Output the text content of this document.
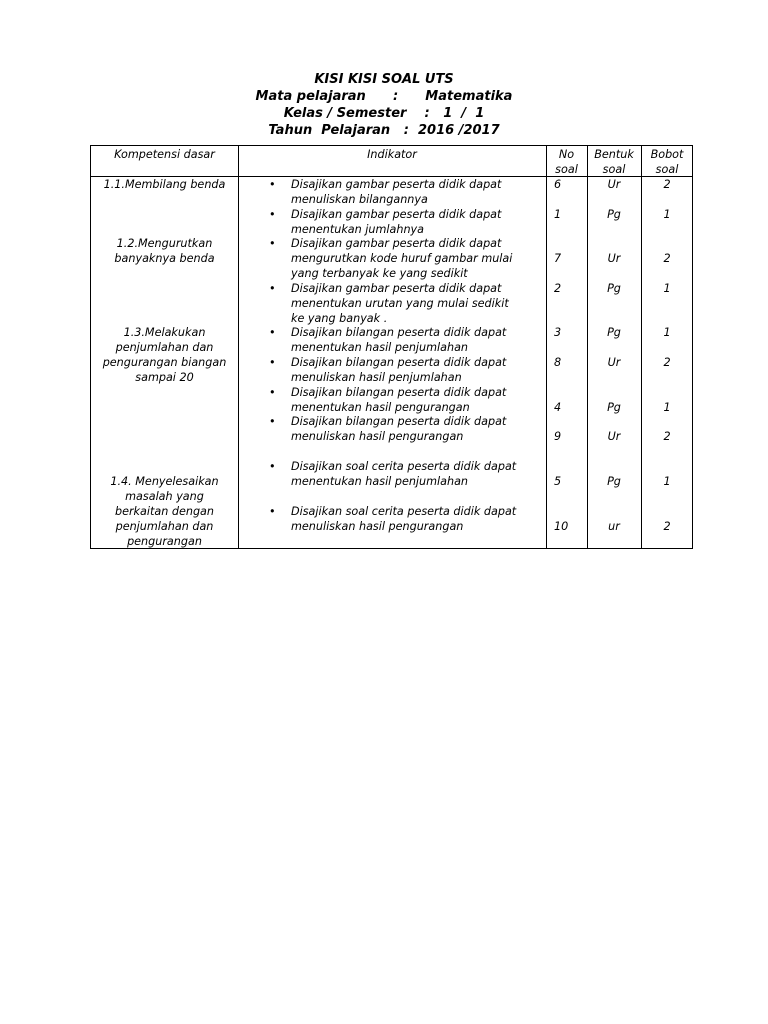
KISI KISI SOAL UTS
Mata pelajaran      :      Matematika
Kelas / Semester    :   1  /  1
Tahun  Pelajaran   :  2016 /2017
Kompetensi dasar	Indikator	No
soal
Bentuk
soal
Bobot
soal
1.1.Membilang benda
1.2.Mengurutkan
banyaknya benda
1.3.Melakukan
penjumlahan dan
pengurangan biangan
sampai 20
1.4. Menyelesaikan
masalah yang
berkaitan dengan
penjumlahan dan
pengurangan
• Disajikan gambar peserta didik dapat
menuliskan bilangannya
• Disajikan gambar peserta didik dapat
menentukan jumlahnya
• Disajikan gambar peserta didik dapat
mengurutkan kode huruf gambar mulai
yang terbanyak ke yang sedikit
• Disajikan gambar peserta didik dapat
menentukan urutan yang mulai sedikit
ke yang banyak .
• Disajikan bilangan peserta didik dapat
menentukan hasil penjumlahan
• Disajikan bilangan peserta didik dapat
menuliskan hasil penjumlahan
• Disajikan bilangan peserta didik dapat
menentukan hasil pengurangan
• Disajikan bilangan peserta didik dapat
menuliskan hasil pengurangan
• Disajikan soal cerita peserta didik dapat
menentukan hasil penjumlahan
• Disajikan soal cerita peserta didik dapat
menuliskan hasil pengurangan
6
1
7
2
3
8
4
9
5
10
Ur
Pg
Ur
Pg
Pg
Ur
Pg
Ur
Pg
ur
2
1
2
1
1
2
1
2
1
2
